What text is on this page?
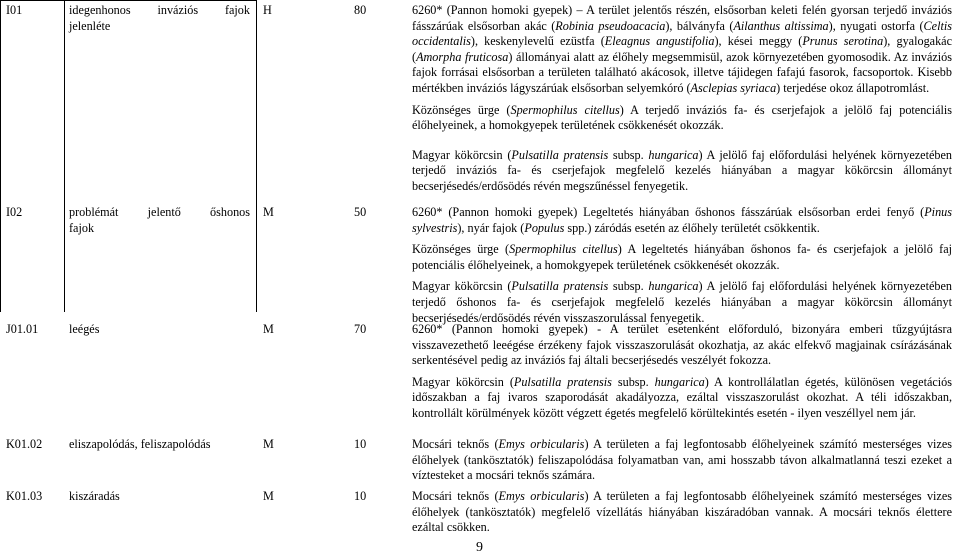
I01	idegenhonos inváziós fajok
jelenléte
H	80	6260* (Pannon homoki gyepek) – A terület jelentős részén, elsősorban keleti felén gyorsan terjedő inváziós fásszárúak elsősorban akác (Robinia pseudoacacia), bálványfa (Ailanthus altissima), nyugati ostorfa (Celtis occidentalis), keskenylevelű ezüstfa (Eleagnus angustifolia), kései meggy (Prunus serotina), gyalogakác (Amorpha fruticosa) állományai alatt az élőhely megsemmisül, azok környezetében gyomosodik. Az inváziós fajok forrásai elsősorban a területen található akácosok, illetve tájidegen fafajú fasorok, facsoportok. Kisebb mértékben inváziós lágyszárúak elsősorban selyemkóró (Asclepias syriaca) terjedése okoz állapotromlást.
Közönséges ürge (Spermophilus citellus) A terjedő inváziós fa- és cserjefajok a jelölő faj potenciális élőhelyeinek, a homokgyepek területének csökkenését okozzák.
Magyar kökörcsin (Pulsatilla pratensis subsp. hungarica) A jelölő faj előfordulási helyének környezetében terjedő inváziós fa- és cserjefajok megfelelő kezelés hiányában a magyar kökörcsin állományt becserjésedés/erdősödés révén megszűnéssel fenyegetik.
I02	problémát jelentő őshonos
fajok
M	50	6260* (Pannon homoki gyepek) Legeltetés hiányában őshonos fásszárúak elsősorban erdei fenyő (Pinus sylvestris), nyár fajok (Populus spp.) záródás esetén az élőhely területét csökkentik.
Közönséges ürge (Spermophilus citellus) A legeltetés hiányában őshonos fa- és cserjefajok a jelölő faj potenciális élőhelyeinek, a homokgyepek területének csökkenését okozzák.
Magyar kökörcsin (Pulsatilla pratensis subsp. hungarica) A jelölő faj előfordulási helyének környezetében terjedő őshonos fa- és cserjefajok megfelelő kezelés hiányában a magyar kökörcsin állományt becserjésedés/erdősödés révén visszaszorulással fenyegetik.
J01.01	leégés	M	70	6260* (Pannon homoki gyepek) - A terület esetenként előforduló, bizonyára emberi tűzgyújtásra visszavezethető leeégése érzékeny fajok visszaszorulását okozhatja, az akác elfekvő magjainak csírázásának serkentésével pedig az inváziós faj általi becserjésedés veszélyét fokozza.
Magyar kökörcsin (Pulsatilla pratensis subsp. hungarica) A kontrollálatlan égetés, különösen vegetációs időszakban a faj ivaros szaporodását akadályozza, ezáltal visszaszorulást okozhat. A téli időszakban, kontrollált körülmények között végzett égetés megfelelő körültekintés esetén - ilyen veszéllyel nem jár.
K01.02 eliszapolódás, feliszapolódás	M	10	Mocsári teknős (Emys orbicularis) A területen a faj legfontosabb élőhelyeinek számító mesterséges vizes élőhelyek (tankösztatók) feliszapolódása folyamatban van, ami hosszabb távon alkalmatlanná teszi ezeket a víztesteket a mocsári teknős számára.
K01.03 kiszáradás	M	10	Mocsári teknős (Emys orbicularis) A területen a faj legfontosabb élőhelyeinek számító mesterséges vizes élőhelyek (tankösztatók) megfelelő vízellátás hiányában kiszáradóban vannak. A mocsári teknős élettere ezáltal csökken.
9
